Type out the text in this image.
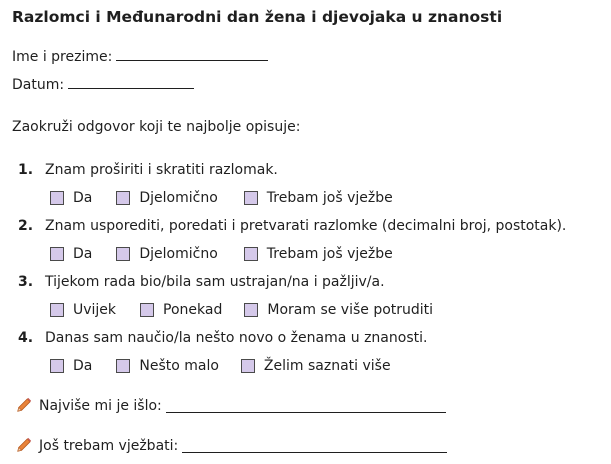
Razlomci i Međunarodni dan žena i djevojaka u znanosti
Ime i prezime:
Datum:
Zaokruži odgovor koji te najbolje opisuje:
1. Znam proširiti i skratiti razlomak.
Da	Djelomično	Trebam još vježbe
2. Znam usporediti, poredati i pretvarati razlomke (decimalni broj, postotak).
Da	Djelomično	Trebam još vježbe
3. Tijekom rada bio/bila sam ustrajan/na i pažljiv/a.
Uvijek	Ponekad	Moram se više potruditi
4. Danas sam naučio/la nešto novo o ženama u znanosti.
Da	Nešto malo	Želim saznati više
Najviše mi je išlo:
Još trebam vježbati:
